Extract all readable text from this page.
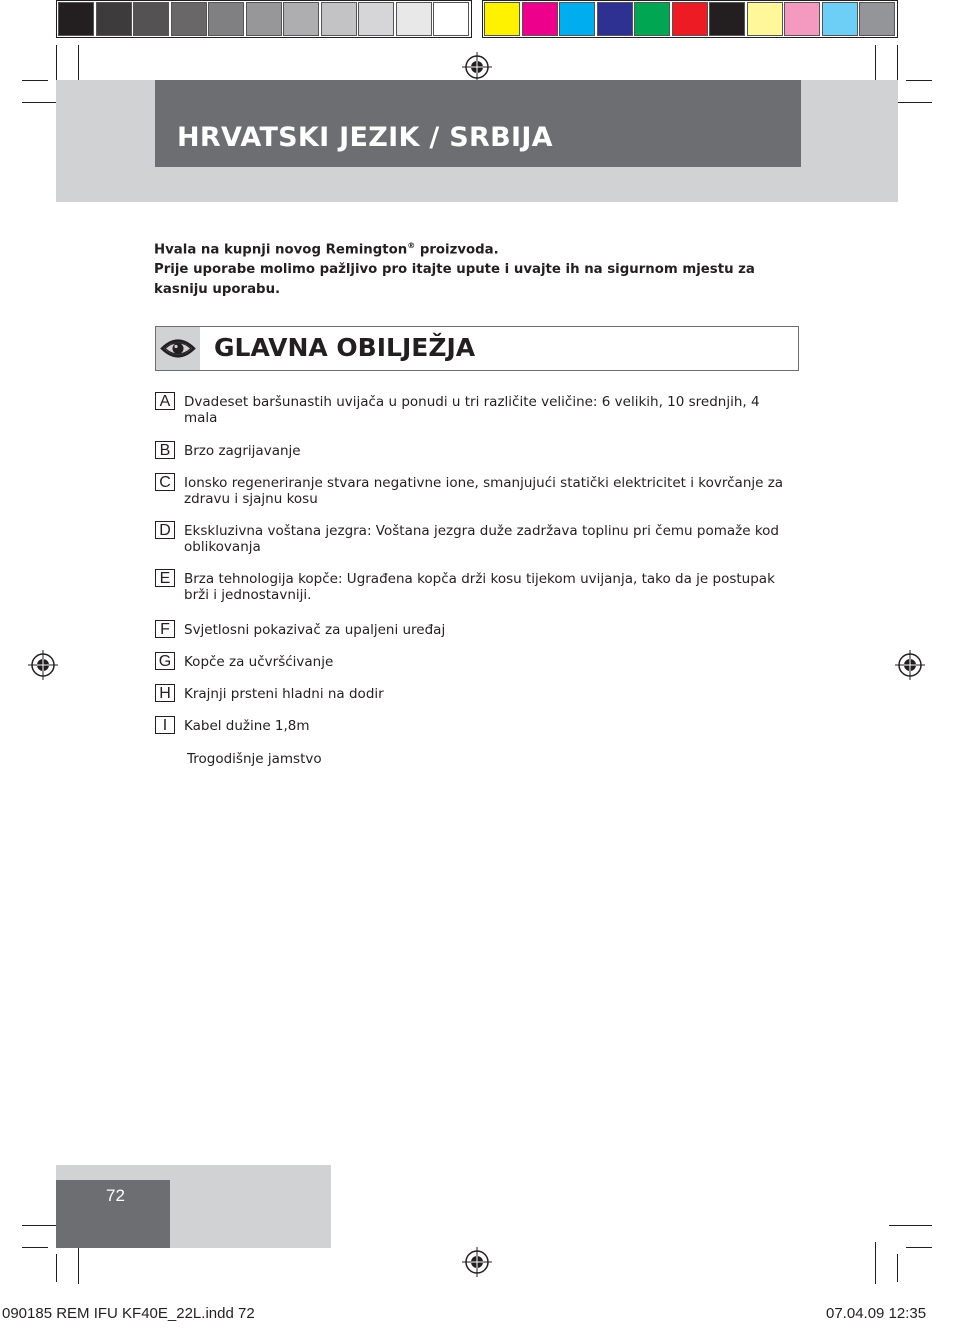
HRVATSKI JEZIK / SRBIJA

Hvala na kupnji novog Remington® proizvoda.

Prije uporabe molimo pažljivo pro itajte upute i uvajte ih na sigurnom mjestu za kasniju uporabu.

GLAVNA OBILJEŽJA
A	Dvadeset baršunastih uvijača u ponudi u tri različite veličine: 6 velikih, 10 srednjih, 4 mala
B	Brzo zagrijavanje
C Ionsko regeneriranje stvara negativne ione, smanjujući statički elektricitet i kovrčanje za zdravu i sjajnu kosu
D Ekskluzivna voštana jezgra: Voštana jezgra duže zadržava toplinu pri čemu pomaže kod oblikovanja
E	Brza tehnologija kopče: Ugrađena kopča drži kosu tijekom uvijanja, tako da je postupak brži i jednostavniji.
F	Svjetlosni pokazivač za upaljeni uređaj
G Kopče za učvršćivanje
H Krajnji prsteni hladni na dodir
I	Kabel dužine 1,8m
Trogodišnje jamstvo
72
090185 REM IFU KF40E_22L.indd 72	07.04.09 12:35
